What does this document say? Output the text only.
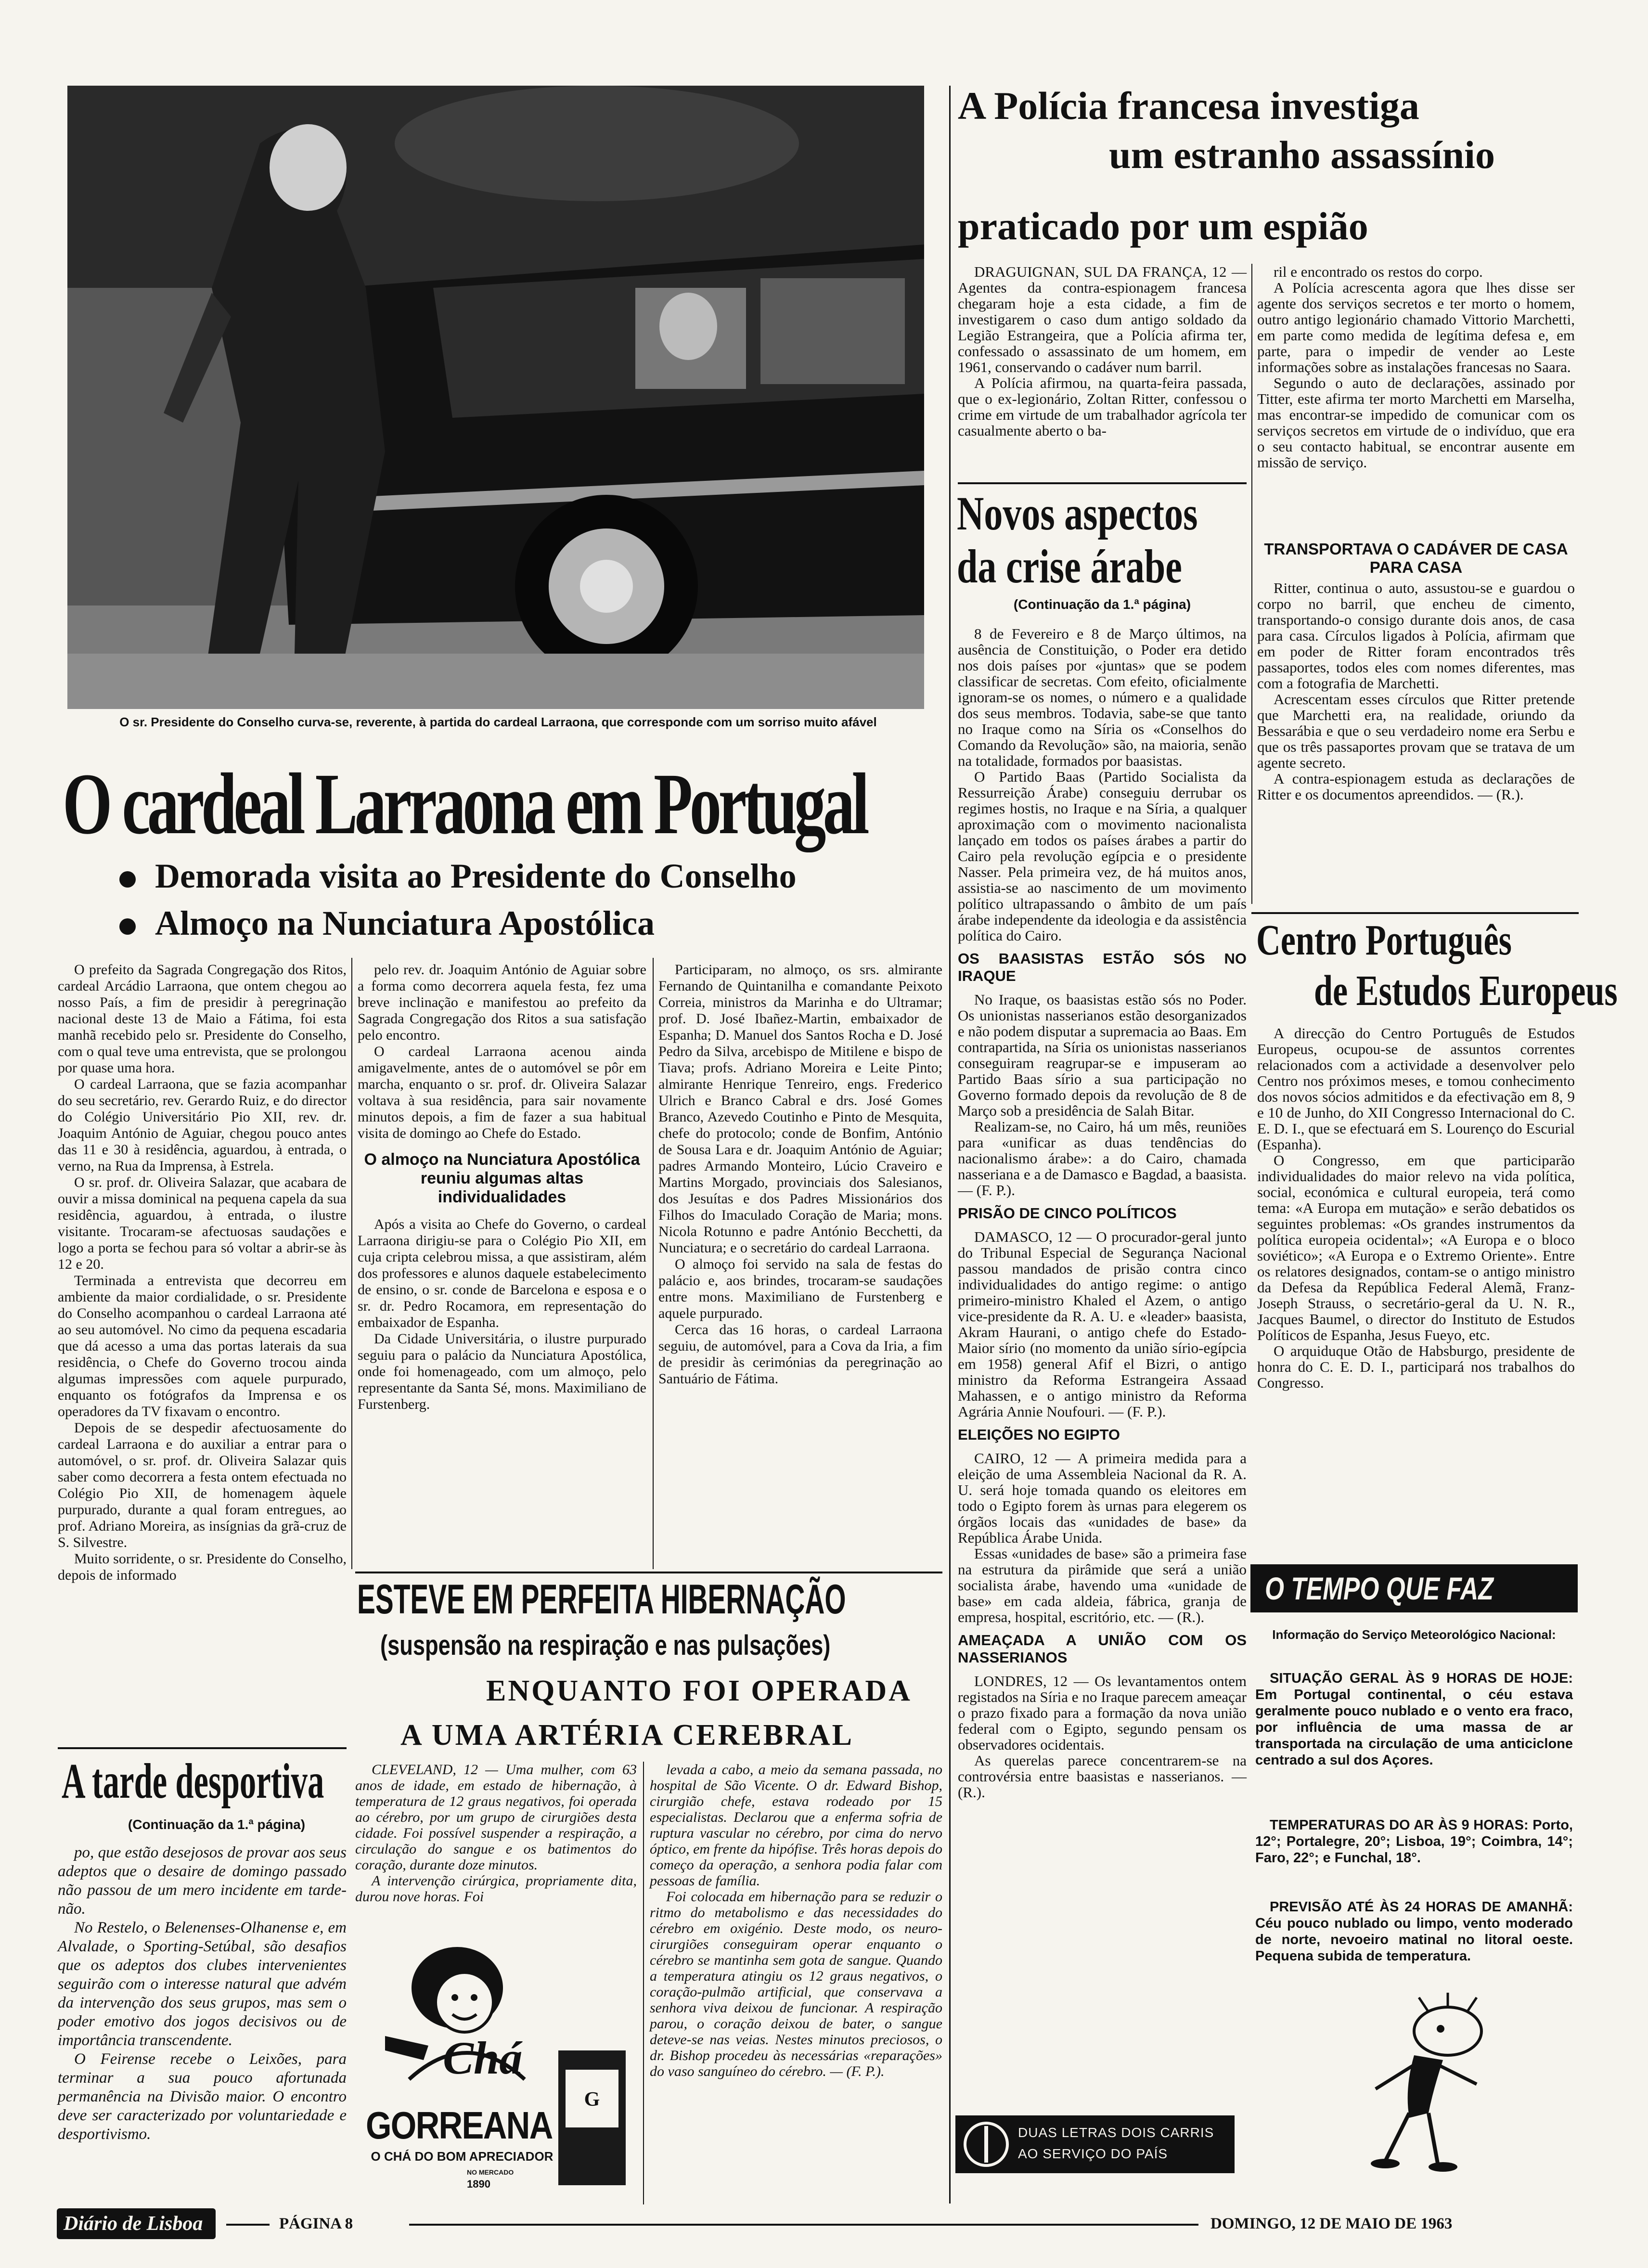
O sr. Presidente do Conselho curva-se, reverente, à partida do cardeal Larraona, que corresponde com um sorriso muito afável
O cardeal Larraona em Portugal
Demorada visita ao Presidente do Conselho
Almoço na Nunciatura Apostólica

O prefeito da Sagrada Congregação dos Ritos, cardeal Arcádio Larraona, que ontem chegou ao nosso País, a fim de presidir à peregrinação nacional deste 13 de Maio a Fátima, foi esta manhã recebido pelo sr. Presidente do Conselho, com o qual teve uma entrevista, que se prolongou por quase uma hora.

O cardeal Larraona, que se fazia acompanhar do seu secretário, rev. Gerardo Ruiz, e do director do Colégio Universitário Pio XII, rev. dr. Joaquim António de Aguiar, chegou pouco antes das 11 e 30 à residência, aguardou, à entrada, o verno, na Rua da Imprensa, à Estrela.

O sr. prof. dr. Oliveira Salazar, que acabara de ouvir a missa dominical na pequena capela da sua residência, aguardou, à entrada, o ilustre visitante. Trocaram-se afectuosas saudações e logo a porta se fechou para só voltar a abrir-se às 12 e 20.

Terminada a entrevista que decorreu em ambiente da maior cordialidade, o sr. Presidente do Conselho acompanhou o cardeal Larraona até ao seu automóvel. No cimo da pequena escadaria que dá acesso a uma das portas laterais da sua residência, o Chefe do Governo trocou ainda algumas impressões com aquele purpurado, enquanto os fotógrafos da Imprensa e os operadores da TV fixavam o encontro.

Depois de se despedir afectuosamente do cardeal Larraona e do auxiliar a entrar para o automóvel, o sr. prof. dr. Oliveira Salazar quis saber como decorrera a festa ontem efectuada no Colégio Pio XII, de homenagem àquele purpurado, durante a qual foram entregues, ao prof. Adriano Moreira, as insígnias da grã-cruz de S. Silvestre.

Muito sorridente, o sr. Presidente do Conselho, depois de informado

pelo rev. dr. Joaquim António de Aguiar sobre a forma como decorrera aquela festa, fez uma breve inclinação e manifestou ao prefeito da Sagrada Congregação dos Ritos a sua satisfação pelo encontro.

O cardeal Larraona acenou ainda amigavelmente, antes de o automóvel se pôr em marcha, enquanto o sr. prof. dr. Oliveira Salazar voltava à sua residência, para sair novamente minutos depois, a fim de fazer a sua habitual visita de domingo ao Chefe do Estado.

O almoço na Nunciatura Apostólica reuniu algumas altas individualidades

Após a visita ao Chefe do Governo, o cardeal Larraona dirigiu-se para o Colégio Pio XII, em cuja cripta celebrou missa, a que assistiram, além dos professores e alunos daquele estabelecimento de ensino, o sr. conde de Barcelona e esposa e o sr. dr. Pedro Rocamora, em representação do embaixador de Espanha.

Da Cidade Universitária, o ilustre purpurado seguiu para o palácio da Nunciatura Apostólica, onde foi homenageado, com um almoço, pelo representante da Santa Sé, mons. Maximiliano de Furstenberg.

Participaram, no almoço, os srs. almirante Fernando de Quintanilha e comandante Peixoto Correia, ministros da Marinha e do Ultramar; prof. D. José Ibañez-Martin, embaixador de Espanha; D. Manuel dos Santos Rocha e D. José Pedro da Silva, arcebispo de Mitilene e bispo de Tiava; profs. Adriano Moreira e Leite Pinto; almirante Henrique Tenreiro, engs. Frederico Ulrich e Branco Cabral e drs. José Gomes Branco, Azevedo Coutinho e Pinto de Mesquita, chefe do protocolo; conde de Bonfim, António de Sousa Lara e dr. Joaquim António de Aguiar; padres Armando Monteiro, Lúcio Craveiro e Martins Morgado, provinciais dos Salesianos, dos Jesuítas e dos Padres Missionários dos Filhos do Imaculado Coração de Maria; mons. Nicola Rotunno e padre António Becchetti, da Nunciatura; e o secretário do cardeal Larraona.

O almoço foi servido na sala de festas do palácio e, aos brindes, trocaram-se saudações entre mons. Maximiliano de Furstenberg e aquele purpurado.

Cerca das 16 horas, o cardeal Larraona seguiu, de automóvel, para a Cova da Iria, a fim de presidir às cerimónias da peregrinação ao Santuário de Fátima.

A tarde desportiva
(Continuação da 1.ª página)

po, que estão desejosos de provar aos seus adeptos que o desaire de domingo passado não passou de um mero incidente em tarde-não.

No Restelo, o Belenenses-Olhanense e, em Alvalade, o Sporting-Setúbal, são desafios que os adeptos dos clubes intervenientes seguirão com o interesse natural que advém da intervenção dos seus grupos, mas sem o poder emotivo dos jogos decisivos ou de importância transcendente.

O Feirense recebe o Leixões, para terminar a sua pouco afortunada permanência na Divisão maior. O encontro deve ser caracterizado por voluntariedade e desportivismo.

ESTEVE EM PERFEITA HIBERNAÇÃO
(suspensão na respiração e nas pulsações)
ENQUANTO FOI OPERADA
A UMA ARTÉRIA CEREBRAL

CLEVELAND, 12 — Uma mulher, com 63 anos de idade, em estado de hibernação, à temperatura de 12 graus negativos, foi operada ao cérebro, por um grupo de cirurgiões desta cidade. Foi possível suspender a respiração, a circulação do sangue e os batimentos do coração, durante doze minutos.

A intervenção cirúrgica, propriamente dita, durou nove horas. Foi

levada a cabo, a meio da semana passada, no hospital de São Vicente. O dr. Edward Bishop, cirurgião chefe, estava rodeado por 15 especialistas. Declarou que a enferma sofria de ruptura vascular no cérebro, por cima do nervo óptico, em frente da hipófise. Três horas depois do começo da operação, a senhora podia falar com pessoas de família.

Foi colocada em hibernação para se reduzir o ritmo do metabolismo e das necessidades do cérebro em oxigénio. Deste modo, os neuro-cirurgiões conseguiram operar enquanto o cérebro se mantinha sem gota de sangue. Quando a temperatura atingiu os 12 graus negativos, o coração-pulmão artificial, que conservava a senhora viva deixou de funcionar. A respiração parou, o coração deixou de bater, o sangue deteve-se nas veias. Nestes minutos preciosos, o dr. Bishop procedeu às necessárias «reparações» do vaso sanguíneo do cérebro. — (F. P.).

G
Chá
GORREANA
O CHÁ DO BOM APRECIADOR
NO MERCADO
1890
A Polícia francesa investiga
um estranho assassínio
praticado por um espião

DRAGUIGNAN, SUL DA FRANÇA, 12 — Agentes da contra-espionagem francesa chegaram hoje a esta cidade, a fim de investigarem o caso dum antigo soldado da Legião Estrangeira, que a Polícia afirma ter, confessado o assassinato de um homem, em 1961, conservando o cadáver num barril.

A Polícia afirmou, na quarta-feira passada, que o ex-legionário, Zoltan Ritter, confessou o crime em virtude de um trabalhador agrícola ter casualmente aberto o ba-

ril e encontrado os restos do corpo.

A Polícia acrescenta agora que lhes disse ser agente dos serviços secretos e ter morto o homem, outro antigo legionário chamado Vittorio Marchetti, em parte como medida de legítima defesa e, em parte, para o impedir de vender ao Leste informações sobre as instalações francesas no Saara.

Segundo o auto de declarações, assinado por Titter, este afirma ter morto Marchetti em Marselha, mas encontrar-se impedido de comunicar com os serviços secretos em virtude de o indivíduo, que era o seu contacto habitual, se encontrar ausente em missão de serviço.

TRANSPORTAVA O CADÁVER DE CASA PARA CASA

Ritter, continua o auto, assustou-se e guardou o corpo no barril, que encheu de cimento, transportando-o consigo durante dois anos, de casa para casa. Círculos ligados à Polícia, afirmam que em poder de Ritter foram encontrados três passaportes, todos eles com nomes diferentes, mas com a fotografia de Marchetti.

Acrescentam esses círculos que Ritter pretende que Marchetti era, na realidade, oriundo da Bessarábia e que o seu verdadeiro nome era Serbu e que os três passaportes provam que se tratava de um agente secreto.

A contra-espionagem estuda as declarações de Ritter e os documentos apreendidos. — (R.).

Novos aspectos
da crise árabe
(Continuação da 1.ª página)

8 de Fevereiro e 8 de Março últimos, na ausência de Constituição, o Poder era detido nos dois países por «juntas» que se podem classificar de secretas. Com efeito, oficialmente ignoram-se os nomes, o número e a qualidade dos seus membros. Todavia, sabe-se que tanto no Iraque como na Síria os «Conselhos do Comando da Revolução» são, na maioria, senão na totalidade, formados por baasistas.

O Partido Baas (Partido Socialista da Ressurreição Árabe) conseguiu derrubar os regimes hostis, no Iraque e na Síria, a qualquer aproximação com o movimento nacionalista lançado em todos os países árabes a partir do Cairo pela revolução egípcia e o presidente Nasser. Pela primeira vez, de há muitos anos, assistia-se ao nascimento de um movimento político ultrapassando o âmbito de um país árabe independente da ideologia e da assistência política do Cairo.

OS BAASISTAS ESTÃO SÓS NO IRAQUE

No Iraque, os baasistas estão sós no Poder. Os unionistas nasserianos estão desorganizados e não podem disputar a supremacia ao Baas. Em contrapartida, na Síria os unionistas nasserianos conseguiram reagrupar-se e impuseram ao Partido Baas sírio a sua participação no Governo formado depois da revolução de 8 de Março sob a presidência de Salah Bitar.

Realizam-se, no Cairo, há um mês, reuniões para «unificar as duas tendências do nacionalismo árabe»: a do Cairo, chamada nasseriana e a de Damasco e Bagdad, a baasista. — (F. P.).

PRISÃO DE CINCO POLÍTICOS

DAMASCO, 12 — O procurador-geral junto do Tribunal Especial de Segurança Nacional passou mandados de prisão contra cinco individualidades do antigo regime: o antigo primeiro-ministro Khaled el Azem, o antigo vice-presidente da R. A. U. e «leader» baasista, Akram Haurani, o antigo chefe do Estado-Maior sírio (no momento da união sírio-egípcia em 1958) general Afif el Bizri, o antigo ministro da Reforma Estrangeira Assaad Mahassen, e o antigo ministro da Reforma Agrária Annie Noufouri. — (F. P.).

ELEIÇÕES NO EGIPTO

CAIRO, 12 — A primeira medida para a eleição de uma Assembleia Nacional da R. A. U. será hoje tomada quando os eleitores em todo o Egipto forem às urnas para elegerem os órgãos locais das «unidades de base» da República Árabe Unida.

Essas «unidades de base» são a primeira fase na estrutura da pirâmide que será a união socialista árabe, havendo uma «unidade de base» em cada aldeia, fábrica, granja de empresa, hospital, escritório, etc. — (R.).

AMEAÇADA A UNIÃO COM OS NASSERIANOS

LONDRES, 12 — Os levantamentos ontem registados na Síria e no Iraque parecem ameaçar o prazo fixado para a formação da nova união federal com o Egipto, segundo pensam os observadores ocidentais.

As querelas parece concentrarem-se na controvérsia entre baasistas e nasserianos. — (R.).

DUAS LETRAS DOIS CARRIS AO SERVIÇO DO PAÍS
Centro Português
de Estudos Europeus

A direcção do Centro Português de Estudos Europeus, ocupou-se de assuntos correntes relacionados com a actividade a desenvolver pelo Centro nos próximos meses, e tomou conhecimento dos novos sócios admitidos e da efectivação em 8, 9 e 10 de Junho, do XII Congresso Internacional do C. E. D. I., que se efectuará em S. Lourenço do Escurial (Espanha).

O Congresso, em que participarão individualidades do maior relevo na vida política, social, económica e cultural europeia, terá como tema: «A Europa em mutação» e serão debatidos os seguintes problemas: «Os grandes instrumentos da política europeia ocidental»; «A Europa e o bloco soviético»; «A Europa e o Extremo Oriente». Entre os relatores designados, contam-se o antigo ministro da Defesa da República Federal Alemã, Franz-Joseph Strauss, o secretário-geral da U. N. R., Jacques Baumel, o director do Instituto de Estudos Políticos de Espanha, Jesus Fueyo, etc.

O arquiduque Otão de Habsburgo, presidente de honra do C. E. D. I., participará nos trabalhos do Congresso.

O TEMPO QUE FAZ
Informação do Serviço Meteorológico Nacional:
SITUAÇÃO GERAL ÀS 9 HORAS DE HOJE: Em Portugal continental, o céu estava geralmente pouco nublado e o vento era fraco, por influência de uma massa de ar transportada na circulação de uma anticiclone centrado a sul dos Açores.
TEMPERATURAS DO AR ÀS 9 HORAS: Porto, 12°; Portalegre, 20°; Lisboa, 19°; Coimbra, 14°; Faro, 22°; e Funchal, 18°.
PREVISÃO ATÉ ÀS 24 HORAS DE AMANHÃ: Céu pouco nublado ou limpo, vento moderado de norte, nevoeiro matinal no litoral oeste. Pequena subida de temperatura.
Diário de Lisboa	PÁGINA 8	DOMINGO, 12 DE MAIO DE 1963
